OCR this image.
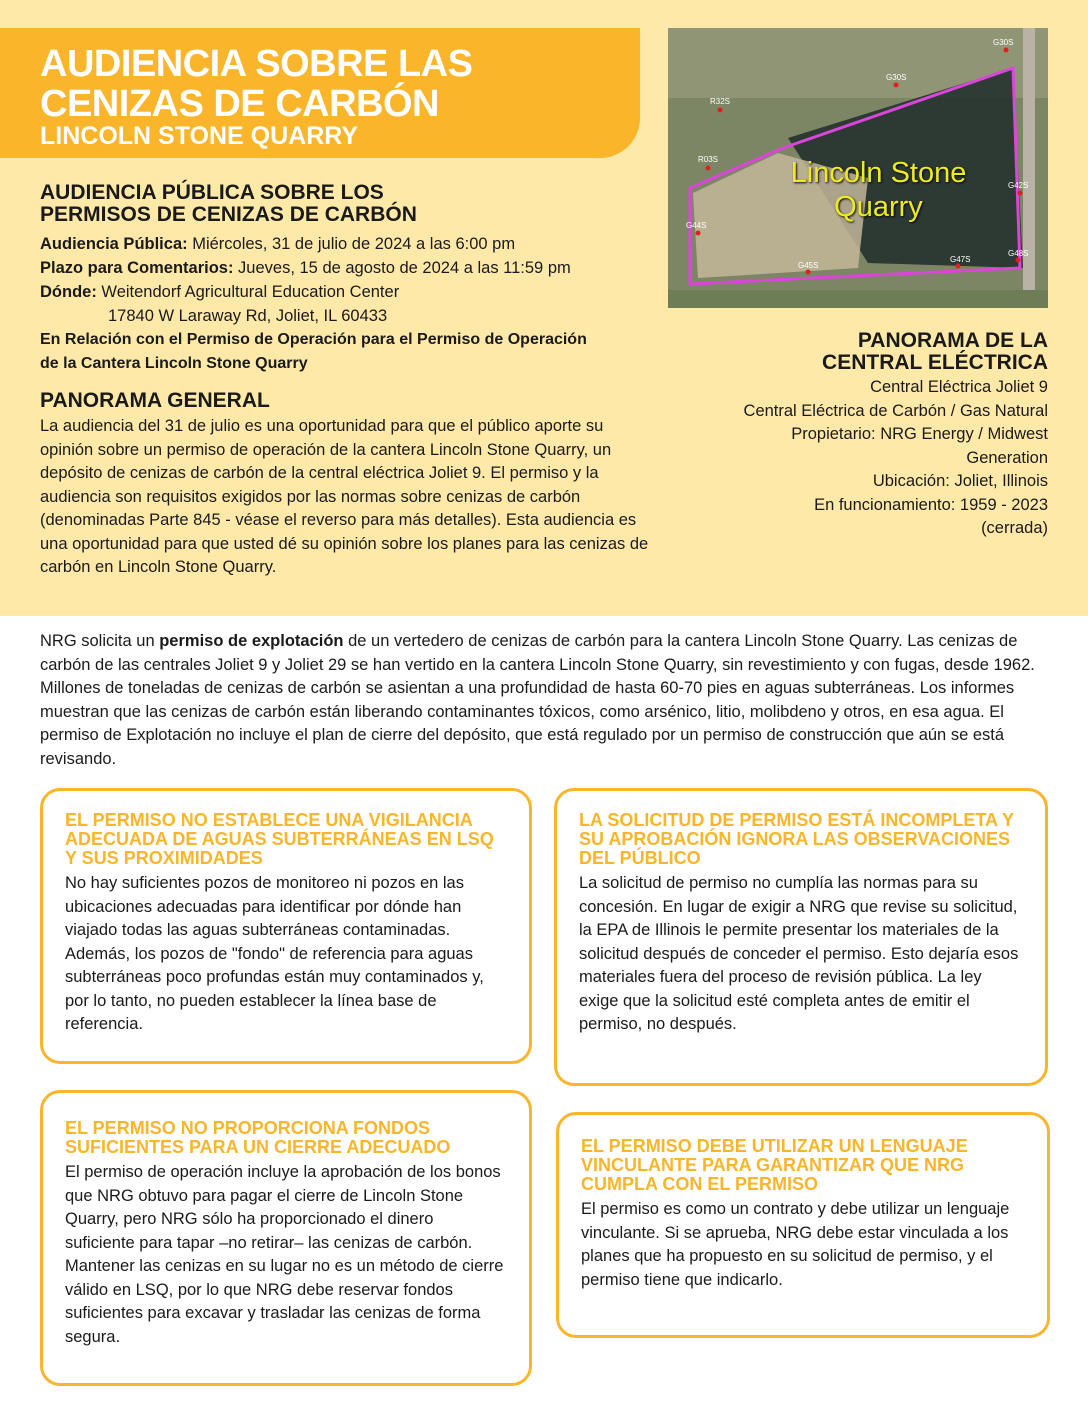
AUDIENCIA SOBRE LAS
CENIZAS DE CARBÓN
LINCOLN STONE QUARRY
AUDIENCIA PÚBLICA SOBRE LOS
PERMISOS DE CENIZAS DE CARBÓN

Audiencia Pública: Miércoles, 31 de julio de 2024 a las 6:00 pm

Plazo para Comentarios: Jueves, 15 de agosto de 2024 a las 11:59 pm

Dónde: Weitendorf Agricultural Education Center

17840 W Laraway Rd, Joliet, IL 60433

En Relación con el Permiso de Operación para el Permiso de Operación de la Cantera Lincoln Stone Quarry

PANORAMA GENERAL

La audiencia del 31 de julio es una oportunidad para que el público aporte su opinión sobre un permiso de operación de la cantera Lincoln Stone Quarry, un depósito de cenizas de carbón de la central eléctrica Joliet 9. El permiso y la audiencia son requisitos exigidos por las normas sobre cenizas de carbón (denominadas Parte 845 - véase el reverso para más detalles). Esta audiencia es una oportunidad para que usted dé su opinión sobre los planes para las cenizas de carbón en Lincoln Stone Quarry.

G30S
G30S
R32S
R03S
G42S
G44S
G45S
G47S
G48S
Lincoln Stone
Quarry
PANORAMA DE LA
CENTRAL ELÉCTRICA

Central Eléctrica Joliet 9

Central Eléctrica de Carbón / Gas Natural

Propietario: NRG Energy / Midwest Generation

Ubicación: Joliet, Illinois

En funcionamiento: 1959 - 2023 (cerrada)

NRG solicita un permiso de explotación de un vertedero de cenizas de carbón para la cantera Lincoln Stone Quarry. Las cenizas de carbón de las centrales Joliet 9 y Joliet 29 se han vertido en la cantera Lincoln Stone Quarry, sin revestimiento y con fugas, desde 1962. Millones de toneladas de cenizas de carbón se asientan a una profundidad de hasta 60-70 pies en aguas subterráneas. Los informes muestran que las cenizas de carbón están liberando contaminantes tóxicos, como arsénico, litio, molibdeno y otros, en esa agua. El permiso de Explotación no incluye el plan de cierre del depósito, que está regulado por un permiso de construcción que aún se está revisando.

EL PERMISO NO ESTABLECE UNA VIGILANCIA ADECUADA DE AGUAS SUBTERRÁNEAS EN LSQ Y SUS PROXIMIDADES

No hay suficientes pozos de monitoreo ni pozos en las ubicaciones adecuadas para identificar por dónde han viajado todas las aguas subterráneas contaminadas. Además, los pozos de "fondo" de referencia para aguas subterráneas poco profundas están muy contaminados y, por lo tanto, no pueden establecer la línea base de referencia.

LA SOLICITUD DE PERMISO ESTÁ INCOMPLETA Y SU APROBACIÓN IGNORA LAS OBSERVACIONES DEL PÚBLICO

La solicitud de permiso no cumplía las normas para su concesión. En lugar de exigir a NRG que revise su solicitud, la EPA de Illinois le permite presentar los materiales de la solicitud después de conceder el permiso. Esto dejaría esos materiales fuera del proceso de revisión pública. La ley exige que la solicitud esté completa antes de emitir el permiso, no después.

EL PERMISO NO PROPORCIONA FONDOS SUFICIENTES PARA UN CIERRE ADECUADO

El permiso de operación incluye la aprobación de los bonos que NRG obtuvo para pagar el cierre de Lincoln Stone Quarry, pero NRG sólo ha proporcionado el dinero suficiente para tapar –no retirar– las cenizas de carbón. Mantener las cenizas en su lugar no es un método de cierre válido en LSQ, por lo que NRG debe reservar fondos suficientes para excavar y trasladar las cenizas de forma segura.

EL PERMISO DEBE UTILIZAR UN LENGUAJE VINCULANTE PARA GARANTIZAR QUE NRG CUMPLA CON EL PERMISO

El permiso es como un contrato y debe utilizar un lenguaje vinculante. Si se aprueba, NRG debe estar vinculada a los planes que ha propuesto en su solicitud de permiso, y el permiso tiene que indicarlo.
